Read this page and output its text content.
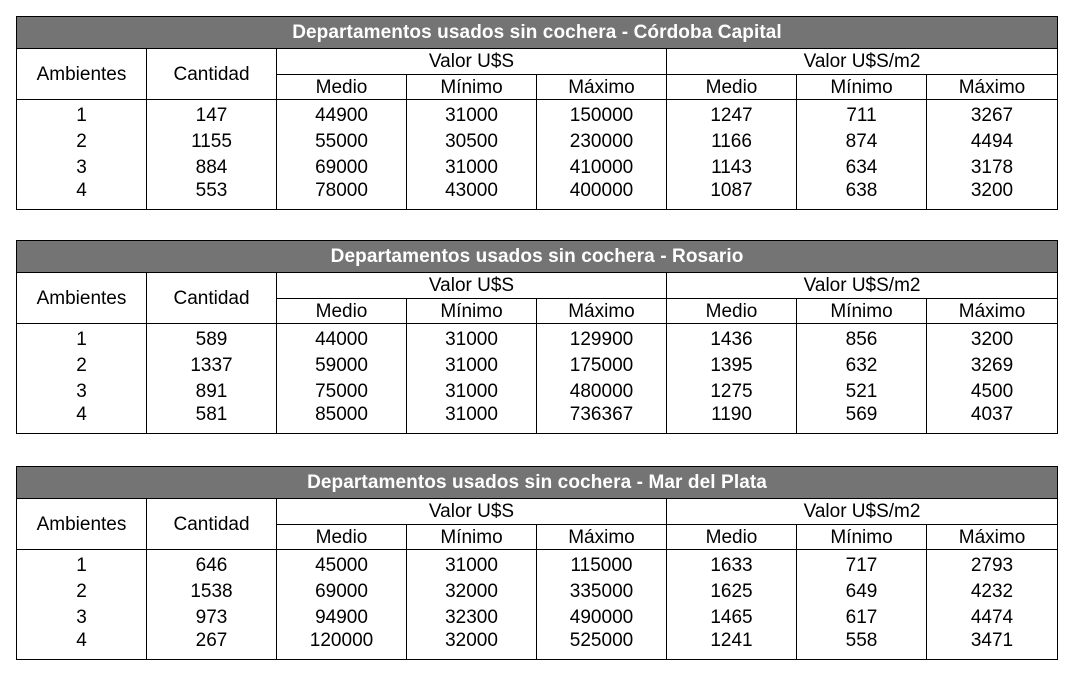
Departamentos usados sin cochera - Córdoba Capital							
Ambientes	Cantidad	Valor U$S			Valor U$S/m2		
		Medio	Mínimo	Máximo	Medio	Mínimo	Máximo
1	147	44900	31000	150000	1247	711	3267
2	1155	55000	30500	230000	1166	874	4494
3	884	69000	31000	410000	1143	634	3178
4	553	78000	43000	400000	1087	638	3200
Departamentos usados sin cochera - Rosario							
Ambientes	Cantidad	Valor U$S			Valor U$S/m2		
		Medio	Mínimo	Máximo	Medio	Mínimo	Máximo
1	589	44000	31000	129900	1436	856	3200
2	1337	59000	31000	175000	1395	632	3269
3	891	75000	31000	480000	1275	521	4500
4	581	85000	31000	736367	1190	569	4037
Departamentos usados sin cochera - Mar del Plata							
Ambientes	Cantidad	Valor U$S			Valor U$S/m2		
		Medio	Mínimo	Máximo	Medio	Mínimo	Máximo
1	646	45000	31000	115000	1633	717	2793
2	1538	69000	32000	335000	1625	649	4232
3	973	94900	32300	490000	1465	617	4474
4	267	120000	32000	525000	1241	558	3471
